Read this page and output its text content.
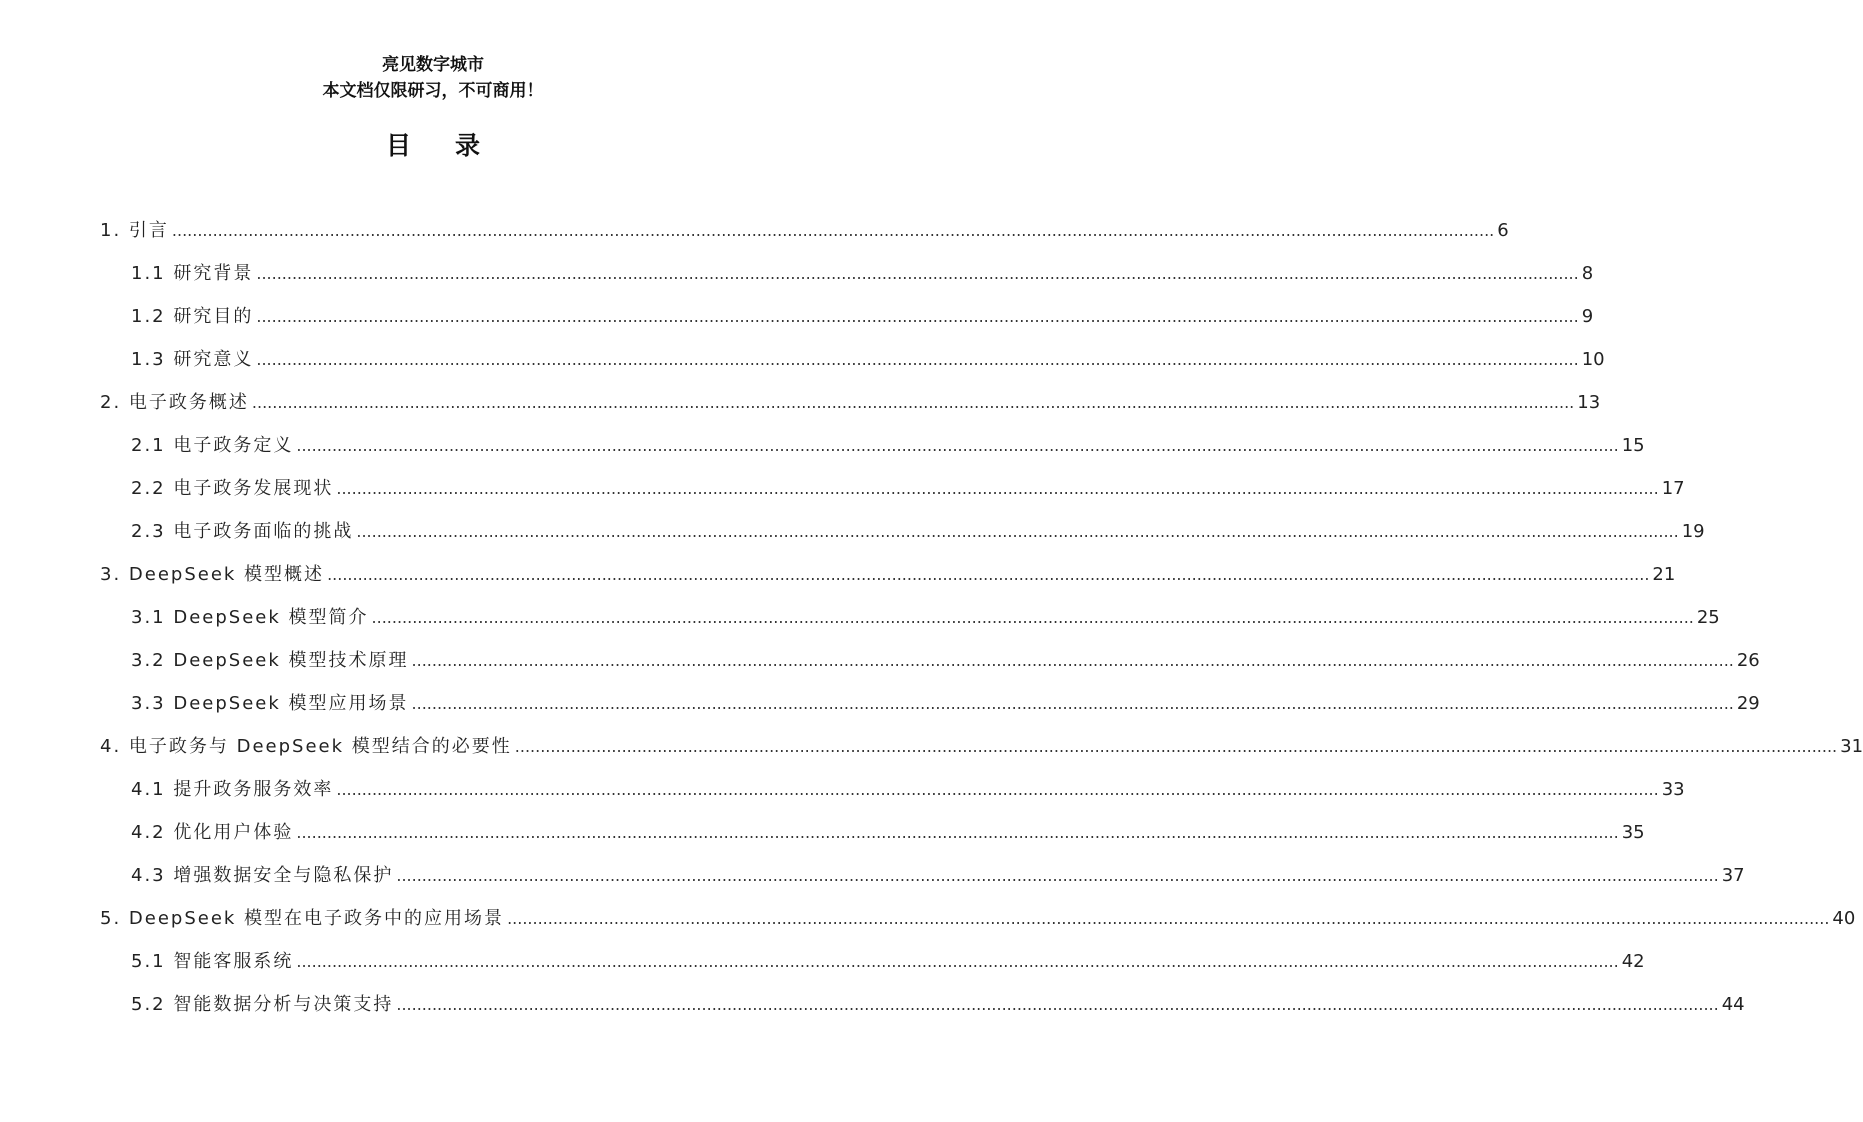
亮见数字城市
本文档仅限研习，不可商用！
目录
1. 引言 .................................................................................................................................................................................................................................................................... 6
1.1 研究背景 .................................................................................................................................................................................................................................................................... 8
1.2 研究目的 .................................................................................................................................................................................................................................................................... 9
1.3 研究意义 .................................................................................................................................................................................................................................................................... 10
2. 电子政务概述 .................................................................................................................................................................................................................................................................... 13
2.1 电子政务定义 .................................................................................................................................................................................................................................................................... 15
2.2 电子政务发展现状 .................................................................................................................................................................................................................................................................... 17
2.3 电子政务面临的挑战 .................................................................................................................................................................................................................................................................... 19
3. DeepSeek 模型概述 .................................................................................................................................................................................................................................................................... 21
3.1 DeepSeek 模型简介 .................................................................................................................................................................................................................................................................... 25
3.2 DeepSeek 模型技术原理 .................................................................................................................................................................................................................................................................... 26
3.3 DeepSeek 模型应用场景 .................................................................................................................................................................................................................................................................... 29
4. 电子政务与 DeepSeek 模型结合的必要性 .................................................................................................................................................................................................................................................................... 31
4.1 提升政务服务效率 .................................................................................................................................................................................................................................................................... 33
4.2 优化用户体验 .................................................................................................................................................................................................................................................................... 35
4.3 增强数据安全与隐私保护 .................................................................................................................................................................................................................................................................... 37
5. DeepSeek 模型在电子政务中的应用场景 .................................................................................................................................................................................................................................................................... 40
5.1 智能客服系统 .................................................................................................................................................................................................................................................................... 42
5.2 智能数据分析与决策支持 .................................................................................................................................................................................................................................................................... 44
